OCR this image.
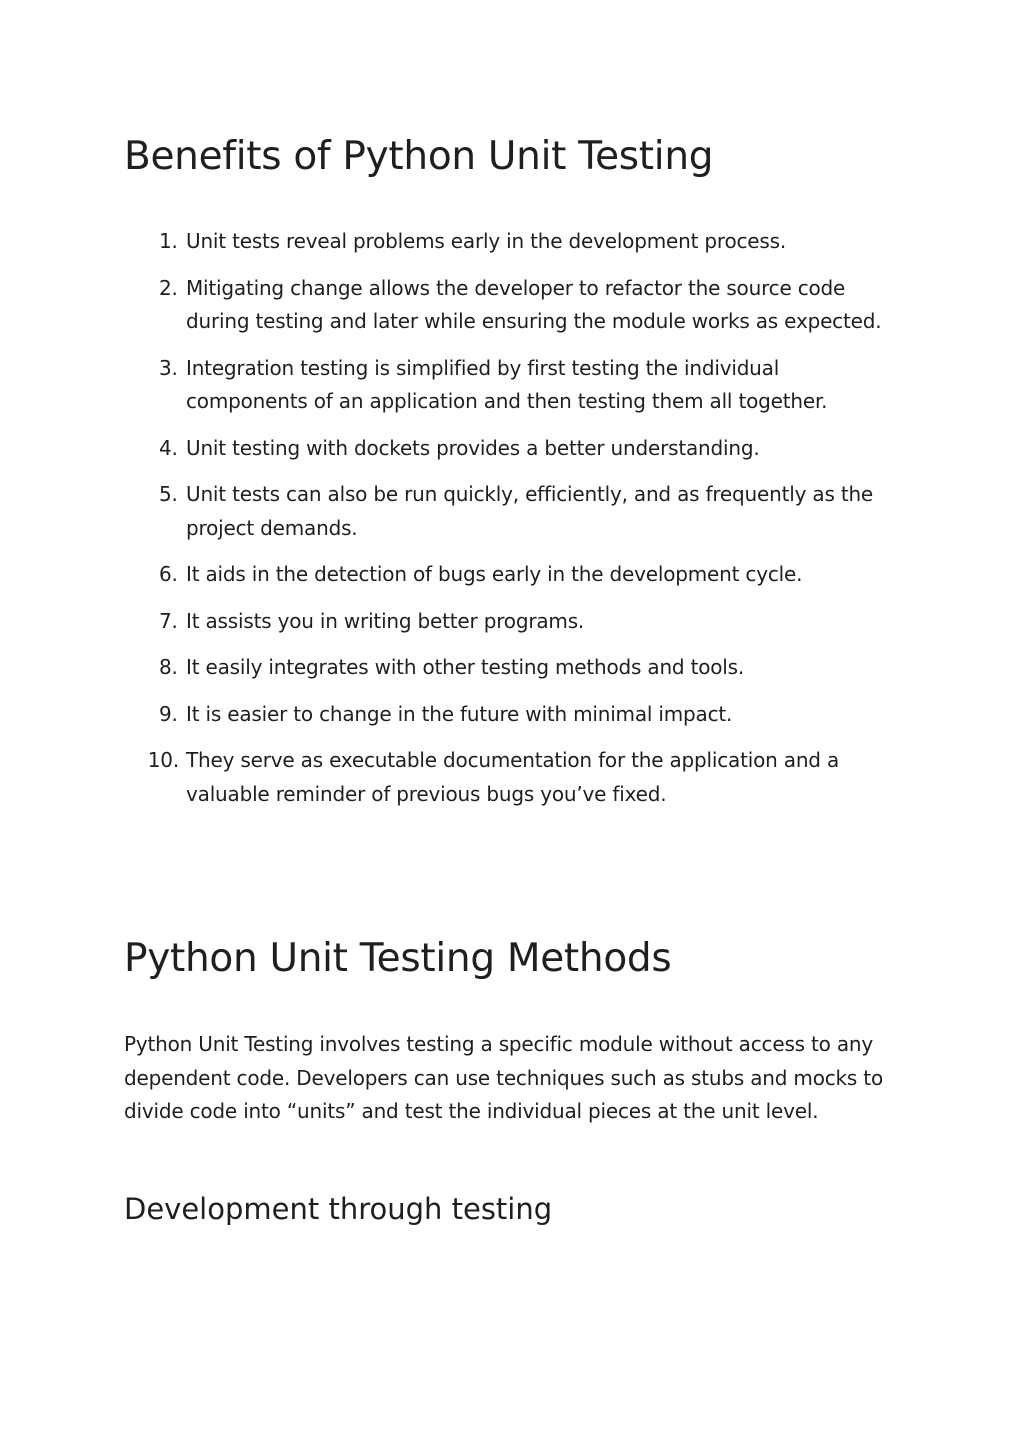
Benefits of Python Unit Testing
1. Unit tests reveal problems early in the development process.
2. Mitigating change allows the developer to refactor the source code during testing and later while ensuring the module works as expected.
3. Integration testing is simplified by first testing the individual components of an application and then testing them all together.
4. Unit testing with dockets provides a better understanding.
5. Unit tests can also be run quickly, efficiently, and as frequently as the project demands.
6. It aids in the detection of bugs early in the development cycle.
7. It assists you in writing better programs.
8. It easily integrates with other testing methods and tools.
9. It is easier to change in the future with minimal impact.
10. They serve as executable documentation for the application and a valuable reminder of previous bugs you’ve fixed.
Python Unit Testing Methods

Python Unit Testing involves testing a specific module without access to any dependent code. Developers can use techniques such as stubs and mocks to divide code into “units” and test the individual pieces at the unit level.

Development through testing
